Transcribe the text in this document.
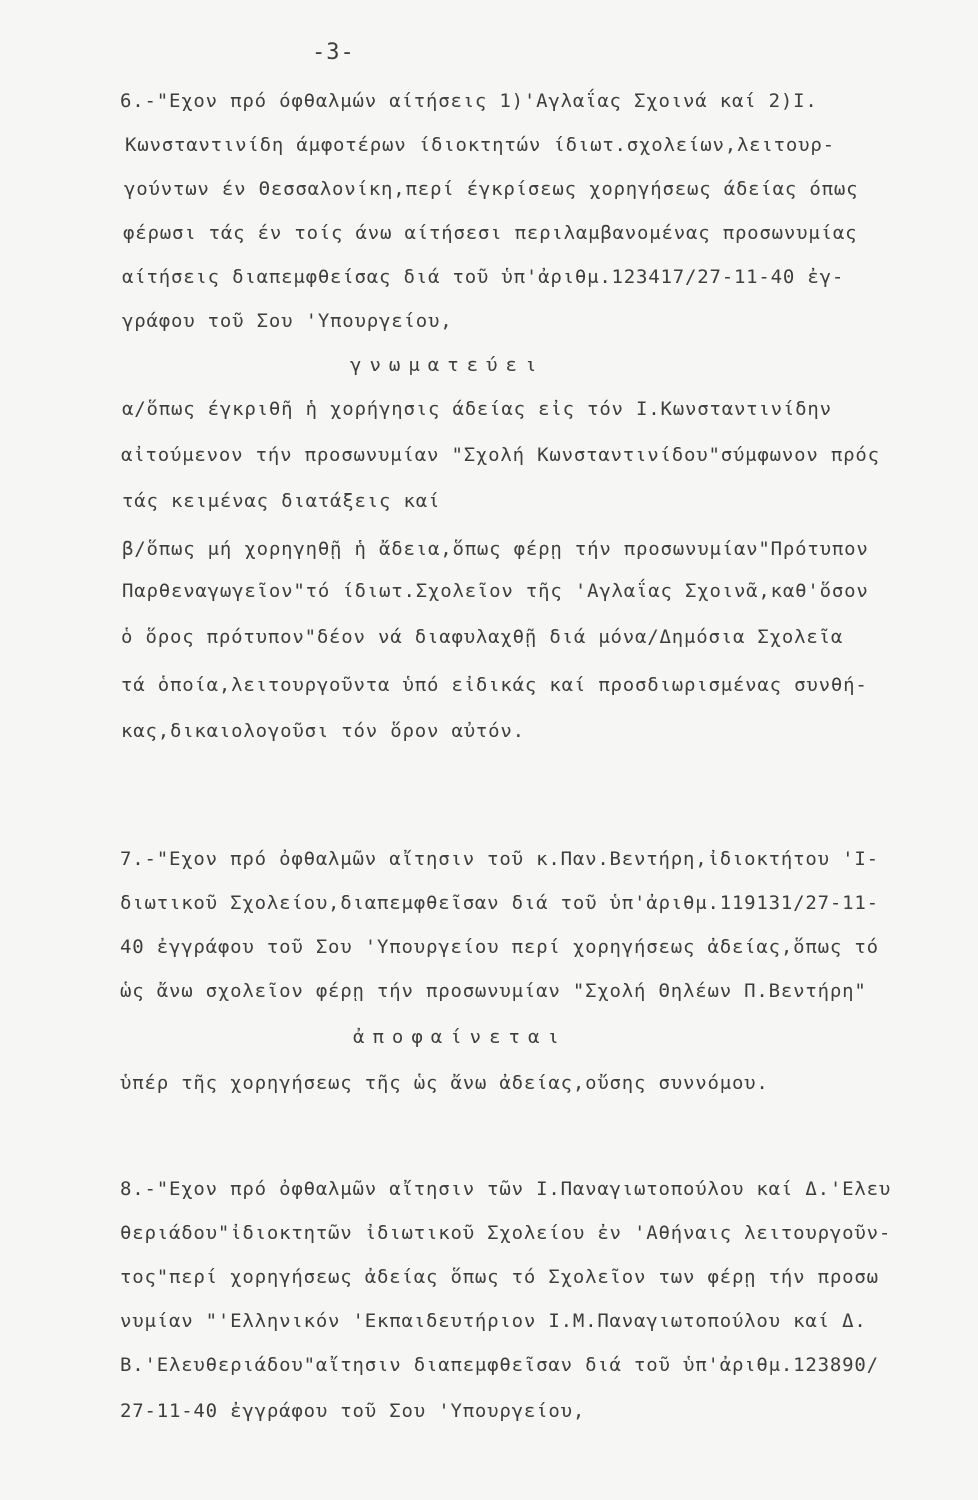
-3-
6.-"Εχον πρό όφθαλμών αίτήσεις 1)'Αγλαΐας Σχοινά καί 2)Ι.
Κωνσταντινίδη άμφοτέρων ίδιοκτητών ίδιωτ.σχολείων,λειτουρ-
γούντων έν Θεσσαλονίκη,περί έγκρίσεως χορηγήσεως άδείας όπως
φέρωσι τάς έν τοίς άνω αίτήσεσι περιλαμβανομένας προσωνυμίας
αίτήσεις διαπεμφθείσας διά τοῦ ὑπ'ἀριθμ.123417/27-11-40 ἐγ-
γράφου τοῦ Σου 'Υπουργείου,
γνωματεύει
α/ὅπως έγκριθῆ ἡ χορήγησις άδείας εἰς τόν Ι.Κωνσταντινίδην
αἰτούμενον τήν προσωνυμίαν "Σχολή Κωνσταντινίδου"σύμφωνον πρός
τάς κειμένας διατάξεις καί
β/ὅπως μή χορηγηθῇ ἡ ἄδεια,ὅπως φέρῃ τήν προσωνυμίαν"Πρότυπον
Παρθεναγωγεῖον"τό ίδιωτ.Σχολεῖον τῆς 'Αγλαΐας Σχοινᾶ,καθ'ὅσον
ὁ ὅρος πρότυπον"δέον νά διαφυλαχθῇ διά μόνα/Δημόσια Σχολεῖα
τά ὁποία,λειτουργοῦντα ὑπό εἰδικάς καί προσδιωρισμένας συνθή-
κας,δικαιολογοῦσι τόν ὅρον αὐτόν.
7.-"Εχον πρό ὀφθαλμῶν αἴτησιν τοῦ κ.Παν.Βεντήρη,ἰδιοκτήτου 'Ι-
διωτικοῦ Σχολείου,διαπεμφθεῖσαν διά τοῦ ὑπ'ἀριθμ.119131/27-11-
40 ἐγγράφου τοῦ Σου 'Υπουργείου περί χορηγήσεως ἀδείας,ὅπως τό
ὡς ἄνω σχολεῖον φέρῃ τήν προσωνυμίαν "Σχολή Θηλέων Π.Βεντήρη"
ἀποφαίνεται
ὑπέρ τῆς χορηγήσεως τῆς ὡς ἄνω ἀδείας,οὔσης συννόμου.
8.-"Εχον πρό ὀφθαλμῶν αἴτησιν τῶν Ι.Παναγιωτοπούλου καί Δ.'Ελευ
θεριάδου"ἰδιοκτητῶν ἰδιωτικοῦ Σχολείου ἐν 'Αθήναις λειτουργοῦν-
τος"περί χορηγήσεως ἀδείας ὅπως τό Σχολεῖον των φέρῃ τήν προσω
νυμίαν "'Ελληνικόν 'Εκπαιδευτήριον Ι.Μ.Παναγιωτοπούλου καί Δ.
Β.'Ελευθεριάδου"αἴτησιν διαπεμφθεῖσαν διά τοῦ ὑπ'ἀριθμ.123890/
27-11-40 ἐγγράφου τοῦ Σου 'Υπουργείου,
